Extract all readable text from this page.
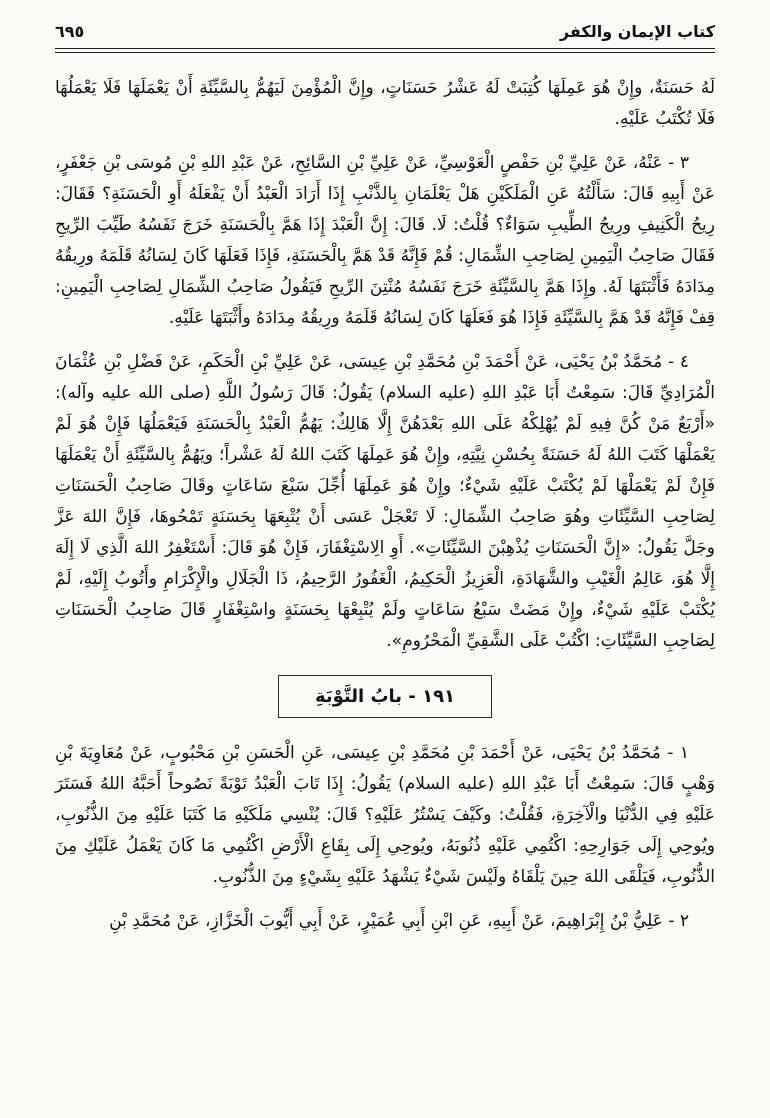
كتاب الإيمان والكفر
٦٩٥

لَهُ حَسَنَةٌ، وإِنْ هُوَ عَمِلَهَا كُتِبَتْ لَهُ عَشْرُ حَسَنَاتٍ، وإِنَّ الْمُؤْمِنَ لَيَهُمُّ بِالسَّيِّئَةِ أَنْ يَعْمَلَهَا فَلَا يَعْمَلُهَا فَلَا تُكْتَبُ عَلَيْهِ.

٣ - عَنْهُ، عَنْ عَلِيِّ بْنِ حَفْصٍ الْعَوْسِيِّ، عَنْ عَلِيِّ بْنِ السَّائِحِ، عَنْ عَبْدِ اللهِ بْنِ مُوسَى بْنِ جَعْفَرٍ، عَنْ أَبِيهِ قَالَ: سَأَلْتُهُ عَنِ الْمَلَكَيْنِ هَلْ يَعْلَمَانِ بِالذَّنْبِ إِذَا أَرَادَ الْعَبْدُ أَنْ يَفْعَلَهُ أَوِ الْحَسَنَةِ؟ فَقَالَ: رِيحُ الْكَنِيفِ ورِيحُ الطِّيبِ سَوَاءٌ؟ قُلْتُ: لَا. قَالَ: إِنَّ الْعَبْدَ إِذَا هَمَّ بِالْحَسَنَةِ خَرَجَ نَفَسُهُ طَيِّبَ الرِّيحِ فَقَالَ صَاحِبُ الْيَمِينِ لِصَاحِبِ الشِّمَالِ: قُمْ فَإِنَّهُ قَدْ هَمَّ بِالْحَسَنَةِ، فَإِذَا فَعَلَهَا كَانَ لِسَانُهُ قَلَمَهُ ورِيقُهُ مِدَادَهُ فَأَثْبَتَهَا لَهُ. وإِذَا هَمَّ بِالسَّيِّئَةِ خَرَجَ نَفَسُهُ مُنْتِنَ الرِّيحِ فَيَقُولُ صَاحِبُ الشِّمَالِ لِصَاحِبِ الْيَمِينِ: قِفْ فَإِنَّهُ قَدْ هَمَّ بِالسَّيِّئَةِ فَإِذَا هُوَ فَعَلَهَا كَانَ لِسَانُهُ قَلَمَهُ ورِيقُهُ مِدَادَهُ وأَثْبَتَهَا عَلَيْهِ.

٤ - مُحَمَّدُ بْنُ يَحْيَى، عَنْ أَحْمَدَ بْنِ مُحَمَّدِ بْنِ عِيسَى، عَنْ عَلِيِّ بْنِ الْحَكَمِ، عَنْ فَضْلِ بْنِ عُثْمَانَ الْمُرَادِيِّ قَالَ: سَمِعْتُ أَبَا عَبْدِ اللهِ (عليه السلام) يَقُولُ: قَالَ رَسُولُ اللَّهِ (صلى الله عليه وآله): «أَرْبَعٌ مَنْ كُنَّ فِيهِ لَمْ يُهْلِكْهُ عَلَى اللهِ بَعْدَهُنَّ إِلَّا هَالِكٌ: يَهُمُّ الْعَبْدُ بِالْحَسَنَةِ فَيَعْمَلُهَا فَإِنْ هُوَ لَمْ يَعْمَلْهَا كَتَبَ اللهُ لَهُ حَسَنَةً بِحُسْنِ نِيَّتِهِ، وإِنْ هُوَ عَمِلَهَا كَتَبَ اللهُ لَهُ عَشْراً؛ ويَهُمُّ بِالسَّيِّئَةِ أَنْ يَعْمَلَهَا فَإِنْ لَمْ يَعْمَلْهَا لَمْ يُكْتَبْ عَلَيْهِ شَيْءٌ؛ وإِنْ هُوَ عَمِلَهَا أُجِّلَ سَبْعَ سَاعَاتٍ وقَالَ صَاحِبُ الْحَسَنَاتِ لِصَاحِبِ السَّيِّئَاتِ وهُوَ صَاحِبُ الشِّمَالِ: لَا تَعْجَلْ عَسَى أَنْ يُتْبِعَهَا بِحَسَنَةٍ تَمْحُوهَا، فَإِنَّ اللهَ عَزَّ وجَلَّ يَقُولُ: «إِنَّ الْحَسَنَاتِ يُذْهِبْنَ السَّيِّئَاتِ». أَوِ الِاسْتِغْفَارَ، فَإِنْ هُوَ قَالَ: أَسْتَغْفِرُ اللهَ الَّذِي لَا إِلَهَ إِلَّا هُوَ، عَالِمُ الْغَيْبِ والشَّهَادَةِ، الْعَزِيزُ الْحَكِيمُ، الْغَفُورُ الرَّحِيمُ، ذَا الْجَلَالِ والْإِكْرَامِ وأَتُوبُ إِلَيْهِ، لَمْ يُكْتَبْ عَلَيْهِ شَيْءٌ، وإِنْ مَضَتْ سَبْعُ سَاعَاتٍ ولَمْ يُتْبِعْهَا بِحَسَنَةٍ واسْتِغْفَارٍ قَالَ صَاحِبُ الْحَسَنَاتِ لِصَاحِبِ السَّيِّئَاتِ: اكْتُبْ عَلَى الشَّقِيِّ الْمَحْرُومِ».

١٩١ - بابُ التَّوْبَةِ

١ - مُحَمَّدُ بْنُ يَحْيَى، عَنْ أَحْمَدَ بْنِ مُحَمَّدِ بْنِ عِيسَى، عَنِ الْحَسَنِ بْنِ مَحْبُوبٍ، عَنْ مُعَاوِيَةَ بْنِ وَهْبٍ قَالَ: سَمِعْتُ أَبَا عَبْدِ اللهِ (عليه السلام) يَقُولُ: إِذَا تَابَ الْعَبْدُ تَوْبَةً نَصُوحاً أَحَبَّهُ اللهُ فَسَتَرَ عَلَيْهِ فِي الدُّنْيَا والْآخِرَةِ، فَقُلْتُ: وكَيْفَ يَسْتُرُ عَلَيْهِ؟ قَالَ: يُنْسِي مَلَكَيْهِ مَا كَتَبَا عَلَيْهِ مِنَ الذُّنُوبِ، ويُوحِي إِلَى جَوَارِحِهِ: اكْتُمِي عَلَيْهِ ذُنُوبَهُ، ويُوحِي إِلَى بِقَاعِ الْأَرْضِ اكْتُمِي مَا كَانَ يَعْمَلُ عَلَيْكِ مِنَ الذُّنُوبِ، فَيَلْقَى اللهَ حِينَ يَلْقَاهُ ولَيْسَ شَيْءٌ يَشْهَدُ عَلَيْهِ بِشَيْءٍ مِنَ الذُّنُوبِ.

٢ - عَلِيُّ بْنُ إِبْرَاهِيمَ، عَنْ أَبِيهِ، عَنِ ابْنِ أَبِي عُمَيْرٍ، عَنْ أَبِي أَيُّوبَ الْخَزَّازِ، عَنْ مُحَمَّدِ بْنِ
